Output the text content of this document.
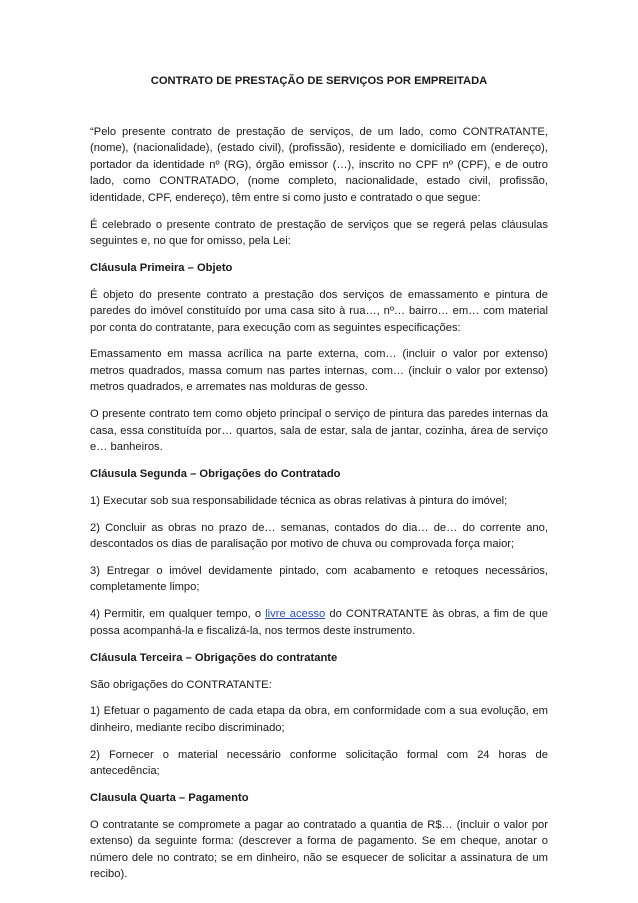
CONTRATO DE PRESTAÇÃO DE SERVIÇOS POR EMPREITADA

“Pelo presente contrato de prestação de serviços, de um lado, como CONTRATANTE, (nome), (nacionalidade), (estado civil), (profissão), residente e domiciliado em (endereço), portador da identidade nº (RG), órgão emissor (…), inscrito no CPF nº (CPF), e de outro lado, como CONTRATADO, (nome completo, nacionalidade, estado civil, profissão, identidade, CPF, endereço), têm entre si como justo e contratado o que segue:

É celebrado o presente contrato de prestação de serviços que se regerá pelas cláusulas seguintes e, no que for omisso, pela Lei:

Cláusula Primeira – Objeto

É objeto do presente contrato a prestação dos serviços de emassamento e pintura de paredes do imóvel constituído por uma casa sito à rua…, nº… bairro… em… com material por conta do contratante, para execução com as seguintes especificações:

Emassamento em massa acrílica na parte externa, com… (incluir o valor por extenso) metros quadrados, massa comum nas partes internas, com… (incluir o valor por extenso) metros quadrados, e arremates nas molduras de gesso.

O presente contrato tem como objeto principal o serviço de pintura das paredes internas da casa, essa constituída por… quartos, sala de estar, sala de jantar, cozinha, área de serviço e… banheiros.

Cláusula Segunda – Obrigações do Contratado

1) Executar sob sua responsabilidade técnica as obras relativas à pintura do imóvel;

2) Concluir as obras no prazo de… semanas, contados do dia… de… do corrente ano, descontados os dias de paralisação por motivo de chuva ou comprovada força maior;

3) Entregar o imóvel devidamente pintado, com acabamento e retoques necessários, completamente limpo;

4) Permitir, em qualquer tempo, o livre acesso do CONTRATANTE às obras, a fim de que possa acompanhá-la e fiscalizá-la, nos termos deste instrumento.

Cláusula Terceira – Obrigações do contratante

São obrigações do CONTRATANTE:

1) Efetuar o pagamento de cada etapa da obra, em conformidade com a sua evolução, em dinheiro, mediante recibo discriminado;

2) Fornecer o material necessário conforme solicitação formal com 24 horas de antecedência;

Clausula Quarta – Pagamento

O contratante se compromete a pagar ao contratado a quantia de R$… (incluir o valor por extenso) da seguinte forma: (descrever a forma de pagamento. Se em cheque, anotar o número dele no contrato; se em dinheiro, não se esquecer de solicitar a assinatura de um recibo).
